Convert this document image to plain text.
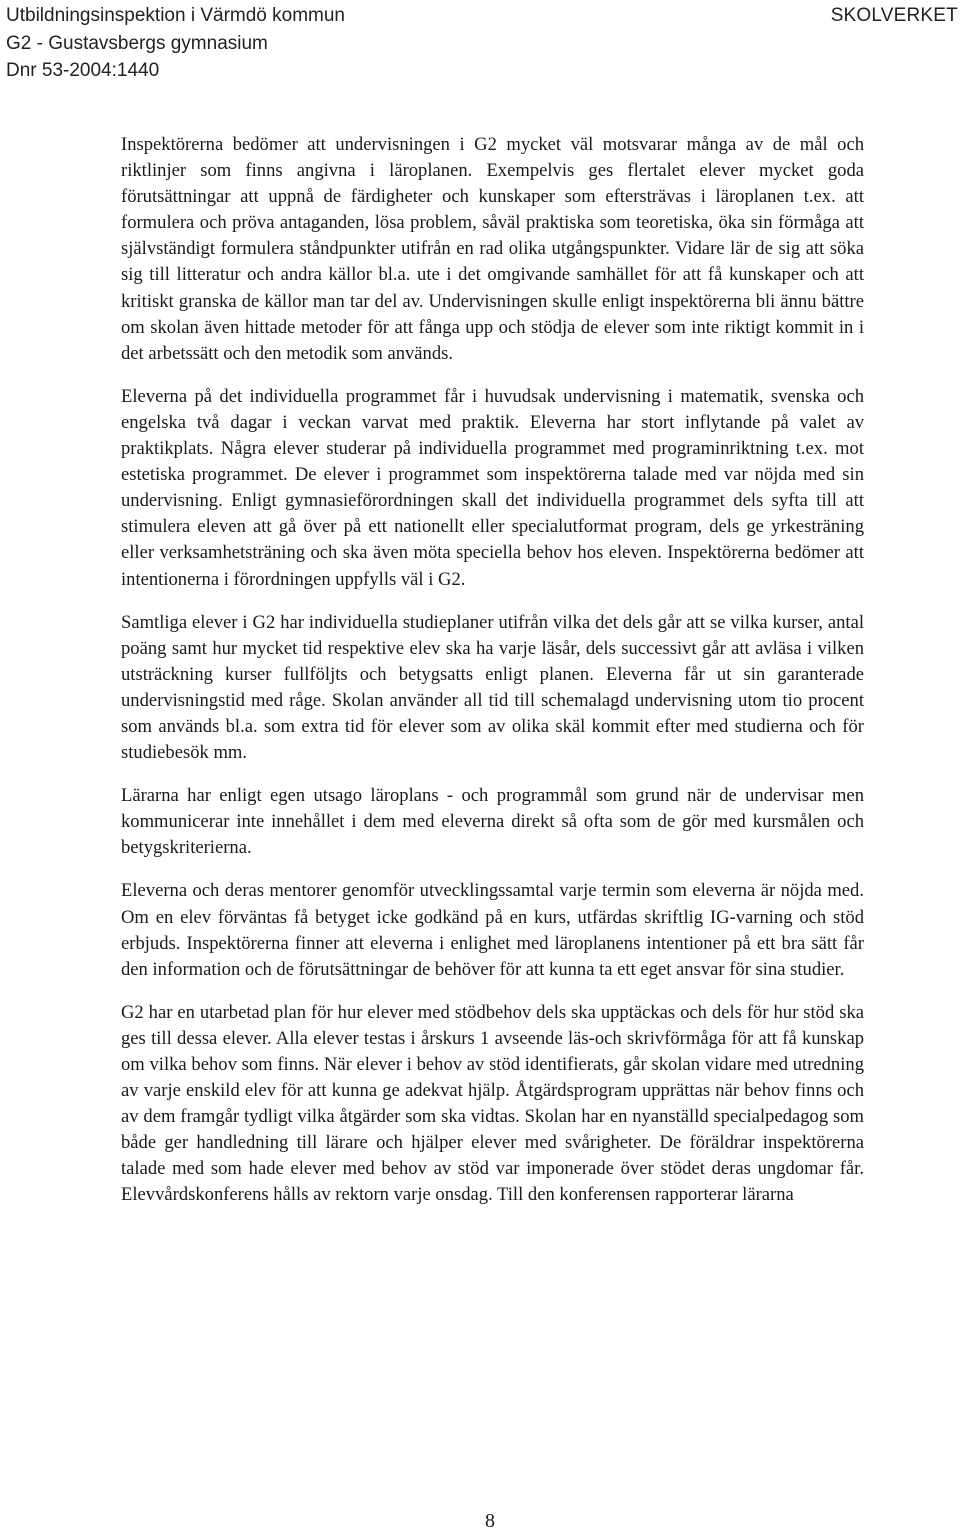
Utbildningsinspektion i Värmdö kommun
G2 - Gustavsbergs gymnasium
Dnr 53-2004:1440
SKOLVERKET

Inspektörerna bedömer att undervisningen i G2 mycket väl motsvarar många av de mål och riktlinjer som finns angivna i läroplanen. Exempelvis ges flertalet elever mycket goda förutsättningar att uppnå de färdigheter och kunskaper som eftersträvas i läroplanen t.ex. att formulera och pröva antaganden, lösa problem, såväl praktiska som teoretiska, öka sin förmåga att självständigt formulera ståndpunkter utifrån en rad olika utgångspunkter. Vidare lär de sig att söka sig till litteratur och andra källor bl.a. ute i det omgivande samhället för att få kunskaper och att kritiskt granska de källor man tar del av. Undervisningen skulle enligt inspektörerna bli ännu bättre om skolan även hittade metoder för att fånga upp och stödja de elever som inte riktigt kommit in i det arbetssätt och den metodik som används.

Eleverna på det individuella programmet får i huvudsak undervisning i matematik, svenska och engelska två dagar i veckan varvat med praktik. Eleverna har stort inflytande på valet av praktikplats. Några elever studerar på individuella programmet med programinriktning t.ex. mot estetiska programmet. De elever i programmet som inspektörerna talade med var nöjda med sin undervisning. Enligt gymnasieförordningen skall det individuella programmet dels syfta till att stimulera eleven att gå över på ett nationellt eller specialutformat program, dels ge yrkesträning eller verksamhetsträning och ska även möta speciella behov hos eleven. Inspektörerna bedömer att intentionerna i förordningen uppfylls väl i G2.

Samtliga elever i G2 har individuella studieplaner utifrån vilka det dels går att se vilka kurser, antal poäng samt hur mycket tid respektive elev ska ha varje läsår, dels successivt går att avläsa i vilken utsträckning kurser fullföljts och betygsatts enligt planen. Eleverna får ut sin garanterade undervisningstid med råge. Skolan använder all tid till schemalagd undervisning utom tio procent som används bl.a. som extra tid för elever som av olika skäl kommit efter med studierna och för studiebesök mm.

Lärarna har enligt egen utsago läroplans - och programmål som grund när de undervisar men kommunicerar inte innehållet i dem med eleverna direkt så ofta som de gör med kursmålen och betygskriterierna.

Eleverna och deras mentorer genomför utvecklingssamtal varje termin som eleverna är nöjda med. Om en elev förväntas få betyget icke godkänd på en kurs, utfärdas skriftlig IG-varning och stöd erbjuds. Inspektörerna finner att eleverna i enlighet med läroplanens intentioner på ett bra sätt får den information och de förutsättningar de behöver för att kunna ta ett eget ansvar för sina studier.

G2 har en utarbetad plan för hur elever med stödbehov dels ska upptäckas och dels för hur stöd ska ges till dessa elever. Alla elever testas i årskurs 1 avseende läs-och skrivförmåga för att få kunskap om vilka behov som finns. När elever i behov av stöd identifierats, går skolan vidare med utredning av varje enskild elev för att kunna ge adekvat hjälp. Åtgärdsprogram upprättas när behov finns och av dem framgår tydligt vilka åtgärder som ska vidtas. Skolan har en nyanställd specialpedagog som både ger handledning till lärare och hjälper elever med svårigheter. De föräldrar inspektörerna talade med som hade elever med behov av stöd var imponerade över stödet deras ungdomar får. Elevvårdskonferens hålls av rektorn varje onsdag. Till den konferensen rapporterar lärarna

8
